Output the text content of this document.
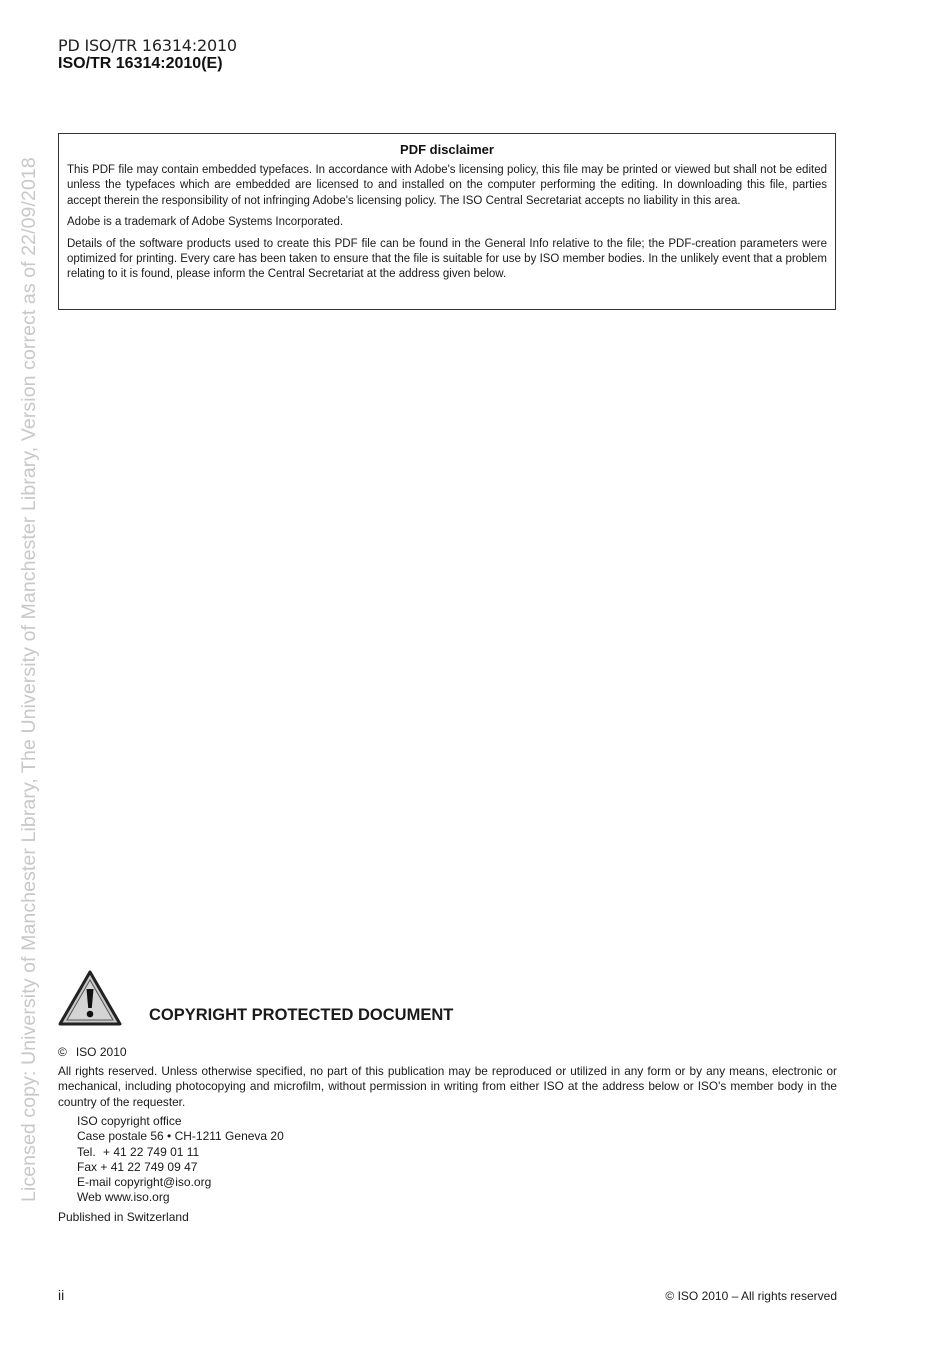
PD ISO/TR 16314:2010
ISO/TR 16314:2010(E)
Licensed copy: University of Manchester Library, The University of Manchester Library, Version correct as of 22/09/2018
PDF disclaimer

This PDF file may contain embedded typefaces. In accordance with Adobe's licensing policy, this file may be printed or viewed but shall not be edited unless the typefaces which are embedded are licensed to and installed on the computer performing the editing. In downloading this file, parties accept therein the responsibility of not infringing Adobe's licensing policy. The ISO Central Secretariat accepts no liability in this area.

Adobe is a trademark of Adobe Systems Incorporated.

Details of the software products used to create this PDF file can be found in the General Info relative to the file; the PDF-creation parameters were optimized for printing. Every care has been taken to ensure that the file is suitable for use by ISO member bodies. In the unlikely event that a problem relating to it is found, please inform the Central Secretariat at the address given below.

COPYRIGHT PROTECTED DOCUMENT
© ISO 2010
All rights reserved. Unless otherwise specified, no part of this publication may be reproduced or utilized in any form or by any means, electronic or mechanical, including photocopying and microfilm, without permission in writing from either ISO at the address below or ISO's member body in the country of the requester.
ISO copyright office
Case postale 56 • CH-1211 Geneva 20
Tel. + 41 22 749 01 11
Fax + 41 22 749 09 47
E-mail copyright@iso.org
Web www.iso.org
Published in Switzerland
ii	© ISO 2010 – All rights reserved
